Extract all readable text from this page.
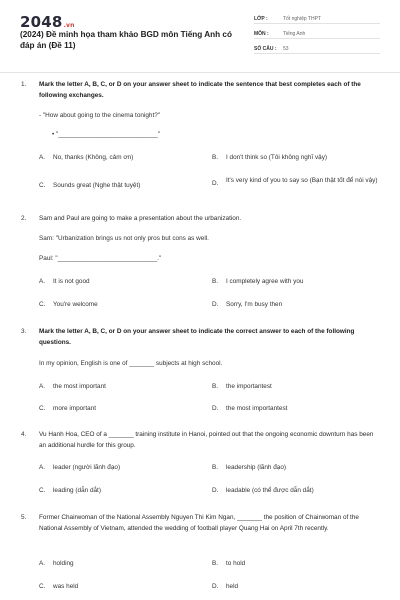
2048.vn
(2024) Đề minh họa tham khảo BGD môn Tiếng Anh có đáp án (Đề 11)
LỚP :	Tốt nghiệp THPT
MÔN :	Tiếng Anh
SỐ CÂU : 53
1. Mark the letter A, B, C, or D on your answer sheet to indicate the sentence that best completes each of the following exchanges.
- "How about going to the cinema tonight?"
• "____________________________"
A. No, thanks (Không, cảm ơn)	B. I don't think so (Tôi không nghĩ vậy)
C. Sounds great (Nghe thật tuyệt)	D.	It's very kind of you to say so (Bạn thật tốt để nói vậy)
2. Sam and Paul are going to make a presentation about the urbanization.
Sam: "Urbanization brings us not only pros but cons as well.
Paul: "____________________________."
A. It is not good	B. I completely agree with you
C. You're welcome	D. Sorry, I'm busy then
3. Mark the letter A, B, C, or D on your answer sheet to indicate the correct answer to each of the following questions.
In my opinion, English is one of _______ subjects at high school.
A. the most important	B. the importantest
C. more important	D. the most importantest
4. Vu Hanh Hoa, CEO of a _______ training institute in Hanoi, pointed out that the ongoing economic downturn has been an additional hurdle for this group.
A. leader (người lãnh đạo)	B. leadership (lãnh đạo)
C. leading (dẫn dắt)	D. leadable (có thể được dẫn dắt)
5. Former Chairwoman of the National Assembly Nguyen Thi Kim Ngan, _______ the position of Chairwoman of the National Assembly of Vietnam, attended the wedding of football player Quang Hai on April 7th recently.
A. holding	B. to hold
C. was held	D. held
